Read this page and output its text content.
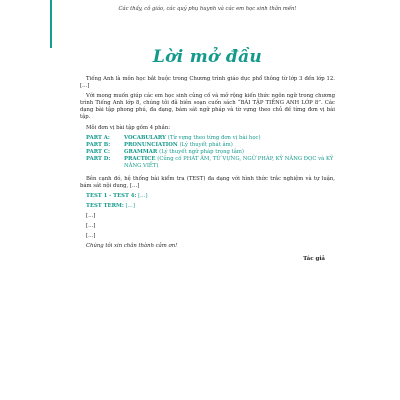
Các thầy, cô giáo, các quý phụ huynh và các em học sinh thân mến!

Lời mở đầu

Tiếng Anh là môn học bắt buộc trong Chương trình giáo dục phổ thông từ lớp 3 đến lớp 12. […]

Với mong muốn giúp các em học sinh củng cố và mở rộng kiến thức ngôn ngữ trong chương trình Tiếng Anh lớp 8, chúng tôi đã biên soạn cuốn sách “BÀI TẬP TIẾNG ANH LỚP 8”. Các dạng bài tập phong phú, đa dạng, bám sát ngữ pháp và từ vựng theo chủ đề từng đơn vị bài tập.

Mỗi đơn vị bài tập gồm 4 phần:

PART A:	VOCABULARY (Từ vựng theo từng đơn vị bài học)
PART B:	PRONUNCIATION (Lý thuyết phát âm)
PART C:	GRAMMAR (Lý thuyết ngữ pháp trọng tâm)
PART D:	PRACTICE (Củng cố PHÁT ÂM, TỪ VỰNG, NGỮ PHÁP, KỸ NĂNG ĐỌC và KỸ NĂNG VIẾT)

Bên cạnh đó, hệ thống bài kiểm tra (TEST) đa dạng với hình thức trắc nghiệm và tự luận, bám sát nội dung, […]

TEST 1 - TEST 4: […]

TEST TERM: […]

[…]

[…]

[…]

Chúng tôi xin chân thành cảm ơn!

Tác giả
